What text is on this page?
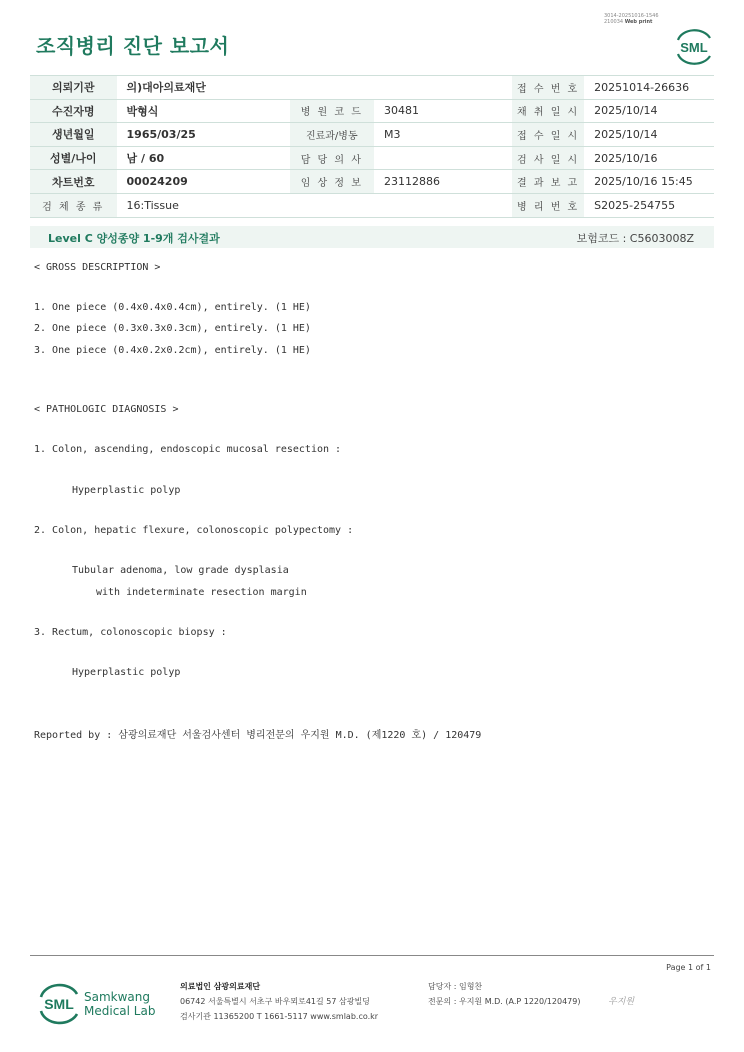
3014-20251016-1546
210034 Web print
조직병리 진단 보고서	SML
의뢰기관	의)대아의료재단			접 수 번 호	20251014-26636
수진자명	박형식	병 원 코 드	30481	채 취 일 시	2025/10/14
생년월일	1965/03/25	진료과/병동	M3	접 수 일 시	2025/10/14
성별/나이	남 / 60	담 당 의 사		검 사 일 시	2025/10/16
차트번호	00024209	임 상 정 보	23112886	결 과 보 고	2025/10/16 15:45
검 체 종 류	16:Tissue			병 리 번 호	S2025-254755
Level C 양성종양 1-9개 검사결과	보험코드 : C5603008Z
< GROSS DESCRIPTION >
1. One piece (0.4x0.4x0.4cm), entirely. (1 HE)
2. One piece (0.3x0.3x0.3cm), entirely. (1 HE)
3. One piece (0.4x0.2x0.2cm), entirely. (1 HE)
< PATHOLOGIC DIAGNOSIS >
1. Colon, ascending, endoscopic mucosal resection :
Hyperplastic polyp
2. Colon, hepatic flexure, colonoscopic polypectomy :
Tubular adenoma, low grade dysplasia
with indeterminate resection margin
3. Rectum, colonoscopic biopsy :
Hyperplastic polyp
Reported by : 삼광의료재단 서울검사센터 병리전문의 우지원 M.D. (제1220 호) / 120479
Page 1 of 1
SML Samkwang
Medical Lab
의료법인 삼광의료재단
06742 서울특별시 서초구 바우뫼로41길 57 삼광빌딩
검사기관 11365200 T 1661-5117 www.smlab.co.kr
담당자 : 임형찬
전문의 : 우지원 M.D. (A.P 1220/120479)	우지원
